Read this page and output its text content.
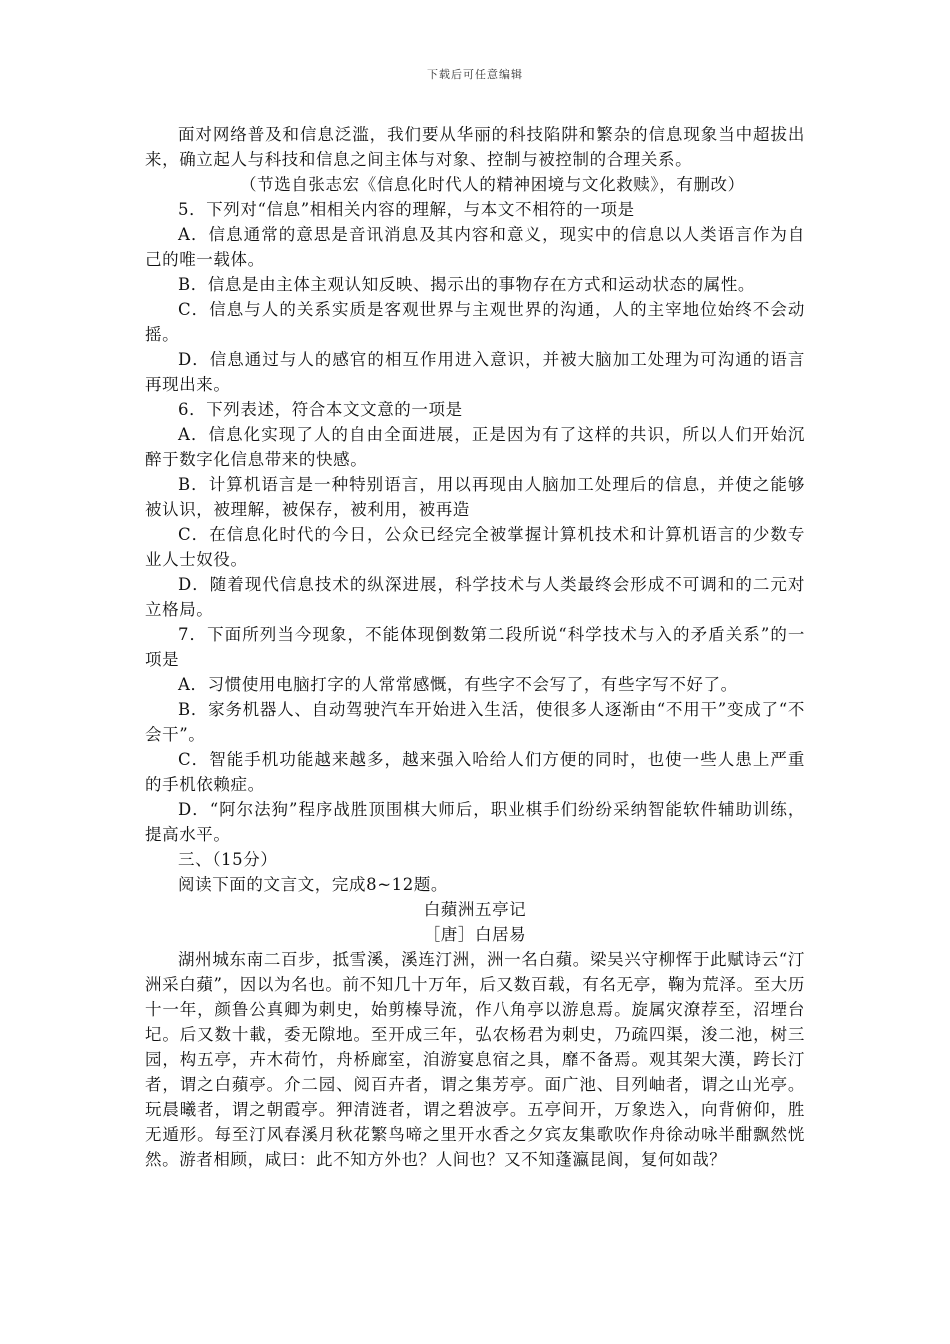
下载后可任意编辑

面对网络普及和信息泛滥，我们要从华丽的科技陷阱和繁杂的信息现象当中超拔出来，确立起人与科技和信息之间主体与对象、控制与被控制的合理关系。

（节选自张志宏《信息化时代人的精神困境与文化救赎》，有删改）

5．下列对“信息”相相关内容的理解，与本文不相符的一项是

A．信息通常的意思是音讯消息及其内容和意义，现实中的信息以人类语言作为自己的唯一载体。

B．信息是由主体主观认知反映、揭示出的事物存在方式和运动状态的属性。

C．信息与人的关系实质是客观世界与主观世界的沟通，人的主宰地位始终不会动摇。

D．信息通过与人的感官的相互作用进入意识，并被大脑加工处理为可沟通的语言再现出来。

6．下列表述，符合本文文意的一项是

A．信息化实现了人的自由全面进展，正是因为有了这样的共识，所以人们开始沉醉于数字化信息带来的快感。

B．计算机语言是一种特别语言，用以再现由人脑加工处理后的信息，并使之能够被认识，被理解，被保存，被利用，被再造

C．在信息化时代的今日，公众已经完全被掌握计算机技术和计算机语言的少数专业人士奴役。

D．随着现代信息技术的纵深进展，科学技术与人类最终会形成不可调和的二元对立格局。

7．下面所列当今现象，不能体现倒数第二段所说“科学技术与入的矛盾关系”的一项是

A．习惯使用电脑打字的人常常感慨，有些字不会写了，有些字写不好了。

B．家务机器人、自动驾驶汽车开始进入生活，使很多人逐渐由“不用干”变成了“不会干”。

C．智能手机功能越来越多，越来强入哈给人们方便的同时，也使一些人患上严重的手机依赖症。

D．“阿尔法狗”程序战胜顶围棋大师后，职业棋手们纷纷采纳智能软件辅助训练，提高水平。

三、（15分）

阅读下面的文言文，完成8~12题。

白蘋洲五亭记

［唐］白居易

湖州城东南二百步，抵雪溪，溪连汀洲，洲一名白蘋。梁吴兴守柳恽于此赋诗云“汀洲采白蘋”，因以为名也。前不知几十万年，后又数百载，有名无亭，鞠为荒泽。至大历十一年，颜鲁公真卿为刺史，始剪榛导流，作八角亭以游息焉。旋属灾潦荐至，沼堙台圮。后又数十載，委无隙地。至开成三年，弘农杨君为刺史，乃疏四渠，浚二池，树三园，构五亭，卉木荷竹，舟桥廊室，洎游宴息宿之具，靡不备焉。观其架大漢，跨长汀者，谓之白蘋亭。介二园、阅百卉者，谓之集芳亭。面广池、目列岫者，谓之山光亭。玩晨曦者，谓之朝霞亭。狎清涟者，谓之碧波亭。五亭间开，万象迭入，向背俯仰，胜无遁形。每至汀风春溪月秋花繁鸟啼之里开水香之夕宾友集歌吹作舟徐动咏半酣飘然恍然。游者相顾，咸曰：此不知方外也？人间也？又不知蓬瀛昆阆，复何如哉？
